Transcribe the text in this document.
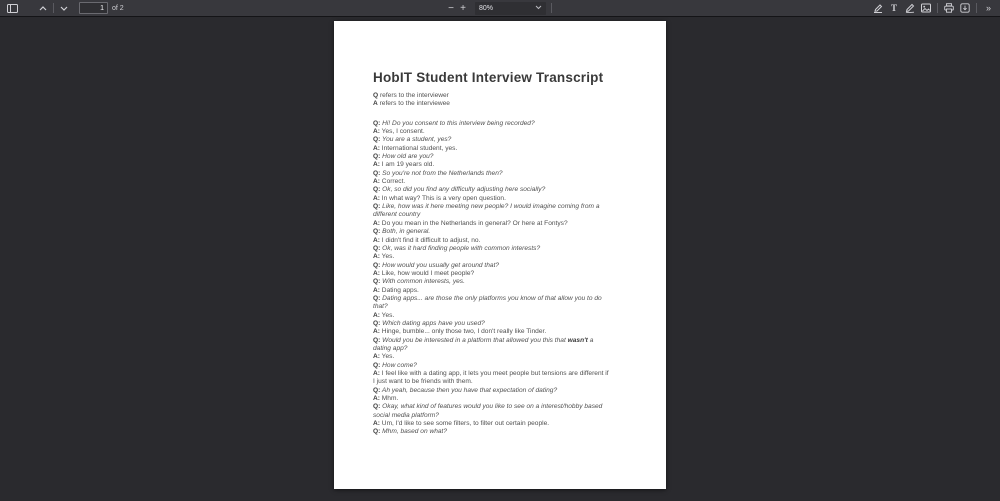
1
of 2	− +	80%	T	»
HobIT Student Interview Transcript
Q refers to the interviewer
A refers to the interviewee
Q: Hi! Do you consent to this interview being recorded?
A: Yes, I consent.
Q: You are a student, yes?
A: International student, yes.
Q: How old are you?
A: I am 19 years old.
Q: So you're not from the Netherlands then?
A: Correct.
Q: Ok, so did you find any difficulty adjusting here socially?
A: In what way? This is a very open question.
Q: Like, how was it here meeting new people? I would imagine coming from a
different country
A: Do you mean in the Netherlands in general? Or here at Fontys?
Q: Both, in general.
A: I didn't find it difficult to adjust, no.
Q: Ok, was it hard finding people with common interests?
A: Yes.
Q: How would you usually get around that?
A: Like, how would I meet people?
Q: With common interests, yes.
A: Dating apps.
Q: Dating apps... are those the only platforms you know of that allow you to do
that?
A: Yes.
Q: Which dating apps have you used?
A: Hinge, bumble... only those two, I don't really like Tinder.
Q: Would you be interested in a platform that allowed you this that wasn't a
dating app?
A: Yes.
Q: How come?
A: I feel like with a dating app, it lets you meet people but tensions are different if
I just want to be friends with them.
Q: Ah yeah, because then you have that expectation of dating?
A: Mhm.
Q: Okay, what kind of features would you like to see on a interest/hobby based
social media platform?
A: Um, I'd like to see some filters, to filter out certain people.
Q: Mhm, based on what?
